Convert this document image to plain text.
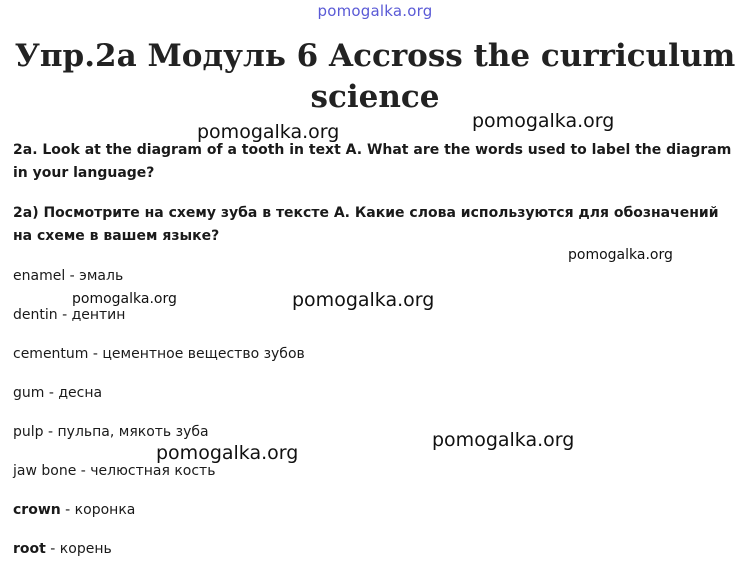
pomogalka.org
Упр.2а Модуль 6 Accross the curriculum science

2a. Look at the diagram of a tooth in text A. What are the words used to label the diagram in your language?

2a) Посмотрите на схему зуба в тексте А. Какие слова используются для обозначений на схеме в вашем языке?

enamel - эмаль
dentin - дентин
cementum - цементное вещество зубов
gum - десна
pulp - пульпа, мякоть зуба
jaw bone - челюстная кость
crown - коронка
root - корень
pomogalka.org	pomogalka.org
pomogalka.org
pomogalka.org	pomogalka.org
pomogalka.org
pomogalka.org
